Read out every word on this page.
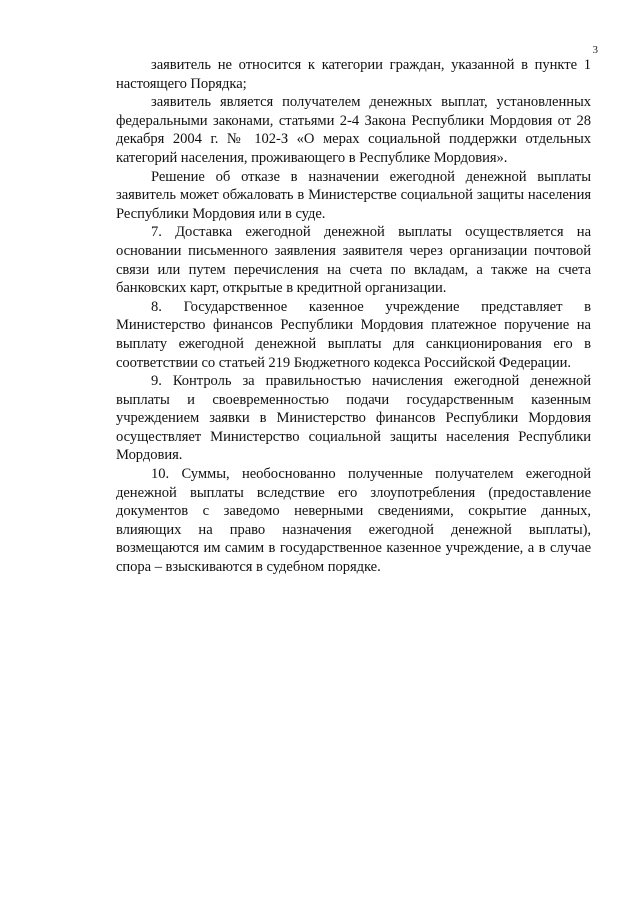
3

заявитель не относится к категории граждан, указанной в пункте 1 настоящего Порядка;

заявитель является получателем денежных выплат, установленных федеральными законами, статьями 2-4 Закона Республики Мордовия от 28 декабря 2004 г. № 102-З «О мерах социальной поддержки отдельных категорий населения, проживающего в Республике Мордовия».

Решение об отказе в назначении ежегодной денежной выплаты заявитель может обжаловать в Министерстве социальной защиты населения Республики Мордовия или в суде.

7. Доставка ежегодной денежной выплаты осуществляется на основании письменного заявления заявителя через организации почтовой связи или путем перечисления на счета по вкладам, а также на счета банковских карт, открытые в кредитной организации.

8. Государственное казенное учреждение представляет в Министерство финансов Республики Мордовия платежное поручение на выплату ежегодной денежной выплаты для санкционирования его в соответствии со статьей 219 Бюджетного кодекса Российской Федерации.

9. Контроль за правильностью начисления ежегодной денежной выплаты и своевременностью подачи государственным казенным учреждением заявки в Министерство финансов Республики Мордовия осуществляет Министерство социальной защиты населения Республики Мордовия.

10. Суммы, необоснованно полученные получателем ежегодной денежной выплаты вследствие его злоупотребления (предоставление документов с заведомо неверными сведениями, сокрытие данных, влияющих на право назначения ежегодной денежной выплаты), возмещаются им самим в государственное казенное учреждение, а в случае спора – взыскиваются в судебном порядке.
